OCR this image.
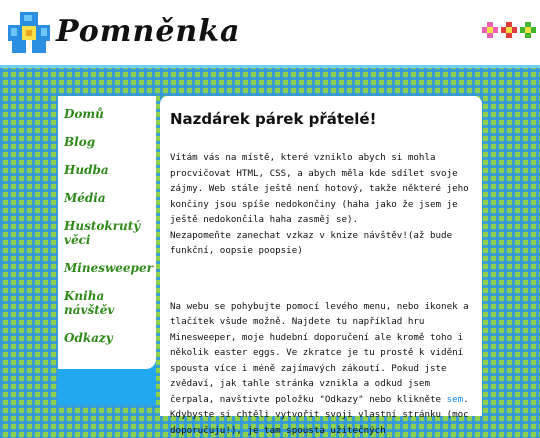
Pomněnka
Domů
Blog
Hudba
Média
Hustokrutý věci
Minesweeper
Kniha návštěv
Odkazy
Nazdárek párek přátelé!

Vítám vás na místě, které vzniklo abych si mohla procvičovat HTML, CSS, a abych měla kde sdílet svoje zájmy. Web stále ještě není hotový, takže některé jeho končiny jsou spíše nedokončiny (haha jako že jsem je ještě nedokončila haha zasměj se).

Nezapomeňte zanechat vzkaz v knize návštěv!(až bude funkční, oopsie poopsie)

Na webu se pohybujte pomocí levého menu, nebo ikonek a tlačítek všude možně. Najdete tu například hru Minesweeper, moje hudební doporučení ale kromě toho i několik easter eggs. Ve zkratce je tu prostě k vidění spousta více i méně zajímavých zákoutí. Pokud jste zvědaví, jak tahle stránka vznikla a odkud jsem čerpala, navštivte položku "Odkazy" nebo klikněte sem. Kdybyste si chtěli vytvořit svoji vlastní stránku (moc doporučuju!), je tam spousta užitečných
